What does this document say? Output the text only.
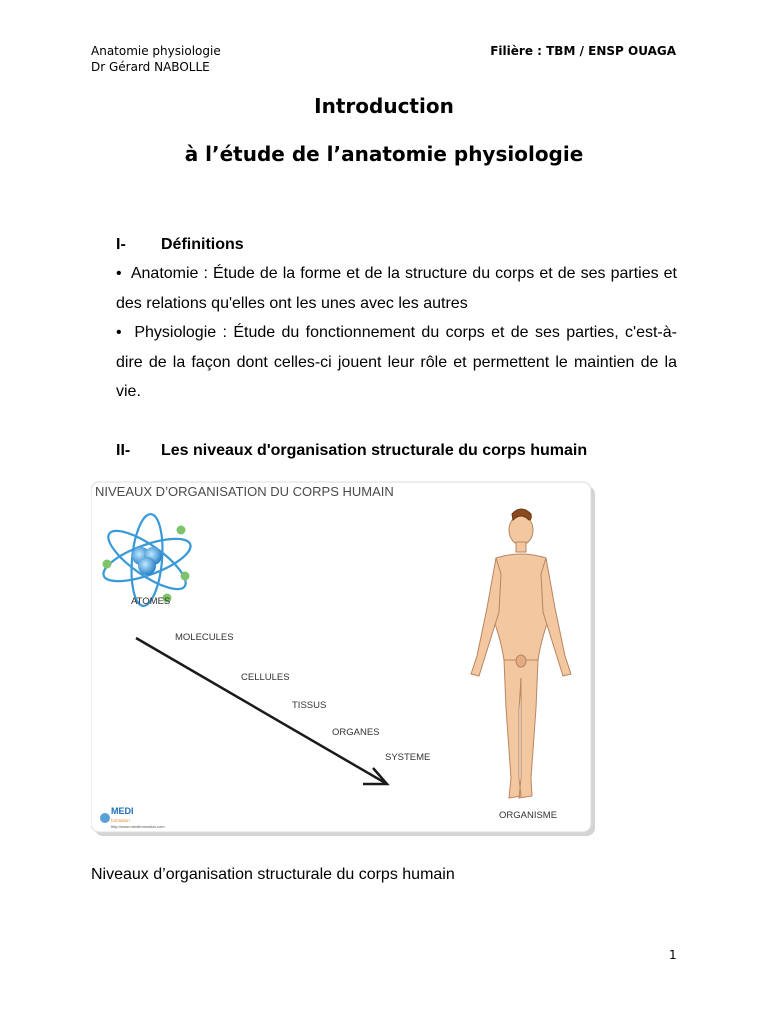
Anatomie physiologie
Dr Gérard NABOLLE
Filière : TBM / ENSP OUAGA
Introduction
à l’étude de l’anatomie physiologie
I- Définitions

•  Anatomie : Étude de la forme et de la structure du corps et de ses parties et des relations qu'elles ont les unes avec les autres

•  Physiologie : Étude du fonctionnement du corps et de ses parties, c'est-à-dire de la façon dont celles-ci jouent leur rôle et permettent le maintien de la vie.

II- Les niveaux d'organisation structurale du corps humain
NIVEAUX D’ORGANISATION DU CORPS HUMAIN
ATOMES
MOLECULES
CELLULES
TISSUS
ORGANES
SYSTEME
ORGANISME
MEDI
formation
http://www.mediformation.com
Niveaux d’organisation structurale du corps humain
1
